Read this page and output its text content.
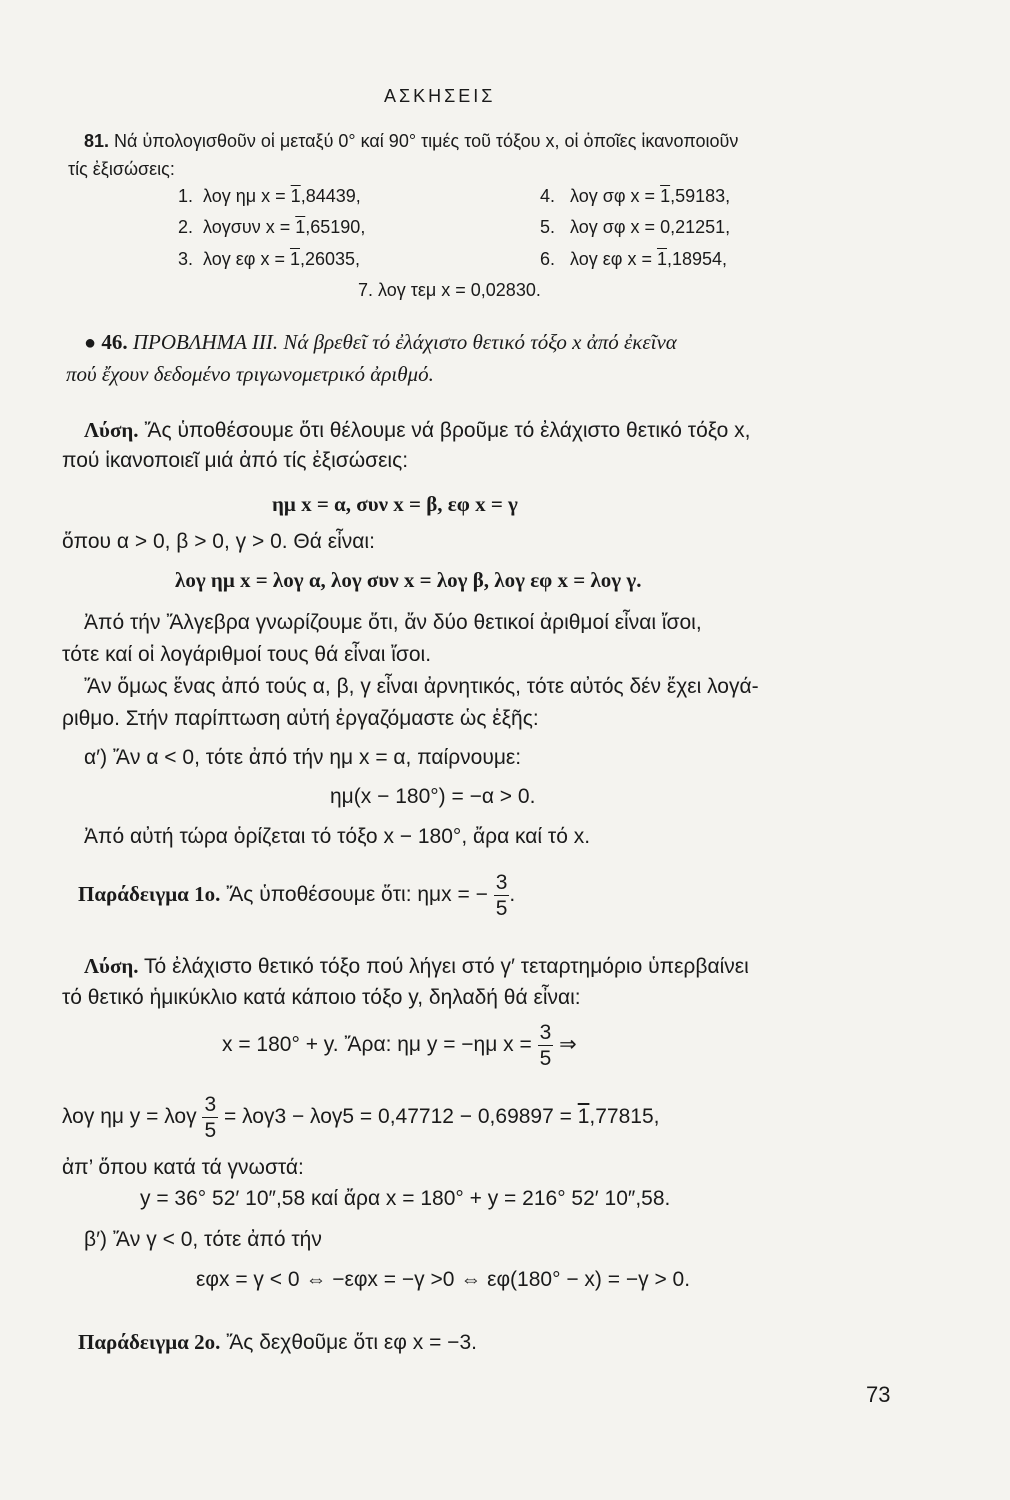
ΑΣΚΗΣΕΙΣ
81. Νά ὑπολογισθοῦν οἱ μεταξύ 0° καί 90° τιμές τοῦ τόξου x, οἱ ὁποῖες ἱκανοποιοῦν
τίς ἐξισώσεις:
1. λογ ημ x = 1,84439,	4. λογ σφ x = 1,59183,
2. λογσυν x = 1,65190,	5. λογ σφ x = 0,21251,
3. λογ εφ x = 1,26035,	6. λογ εφ x = 1,18954,
7. λογ τεμ x = 0,02830.
● 46. ΠΡΟΒΛΗΜΑ ΙΙΙ. Νά βρεθεῖ τό ἐλάχιστο θετικό τόξο x ἀπό ἐκεῖνα
πού ἔχουν δεδομένο τριγωνομετρικό ἀριθμό.
Λύση. Ἄς ὑποθέσουμε ὅτι θέλουμε νά βροῦμε τό ἐλάχιστο θετικό τόξο x,
πού ἱκανοποιεῖ μιά ἀπό τίς ἐξισώσεις:
ημ x = α, συν x = β, εφ x = γ
ὅπου α > 0, β > 0, γ > 0. Θά εἶναι:
λογ ημ x = λογ α, λογ συν x = λογ β, λογ εφ x = λογ γ.
Ἀπό τήν Ἄλγεβρα γνωρίζουμε ὅτι, ἄν δύο θετικοί ἀριθμοί εἶναι ἴσοι,
τότε καί οἱ λογάριθμοί τους θά εἶναι ἴσοι.
Ἄν ὅμως ἕνας ἀπό τούς α, β, γ εἶναι ἀρνητικός, τότε αὐτός δέν ἔχει λογά-
ριθμο. Στήν παρίπτωση αὐτή ἐργαζόμαστε ὡς ἑξῆς:
α′) Ἄν α < 0, τότε ἀπό τήν ημ x = α, παίρνουμε:
ημ(x − 180°) = −α > 0.
Ἀπό αὐτή τώρα ὁρίζεται τό τόξο x − 180°, ἄρα καί τό x.
Παράδειγμα 1ο. Ἄς ὑποθέσουμε ὅτι: ημx = − $\frac{3}{5}$ .
Λύση. Τό ἐλάχιστο θετικό τόξο πού λήγει στό γ′ τεταρτημόριο ὑπερβαίνει
τό θετικό ἡμικύκλιο κατά κάποιο τόξο y, δηλαδή θά εἶναι:
x = 180° + y. Ἄρα: ημ y = −ημ $x = \frac{3}{5}$ ⇒
λογ ημ y = λογ $\frac{3}{5} = \lambda o\gamma 3 - \lambda o\gamma 5 = 0,47712 - 0,69897 = 1,77815$,
ἀπ’ ὅπου κατά τά γνωστά:
y = 36° 52′ 10″,58 καί ἄρα x = 180° + y = 216° 52′ 10″,58.
β′) Ἄν γ < 0, τότε ἀπό τήν
εφx = γ < 0 ⇔ −εφx = −γ >0 ⇔ εφ(180° − x) = −γ > 0.
Παράδειγμα 2ο. Ἄς δεχθοῦμε ὅτι εφ x = −3.
73
